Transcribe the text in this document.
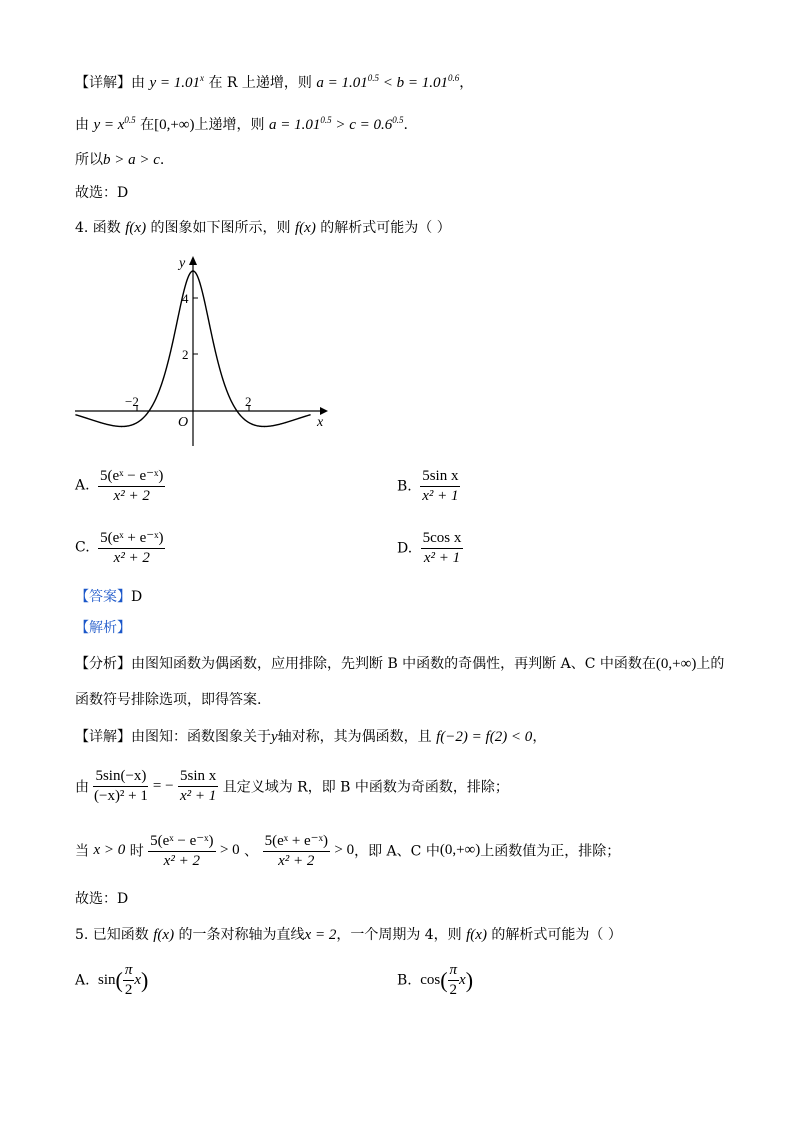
【详解】由 $y = 1.01^x$ 在 R 上递增，则 $a = 1.01^{0.5} < b = 1.01^{0.6}$，
由 $y = x^{0.5}$ 在[0,+∞)上递增，则 $a = 1.01^{0.5} > c = 0.6^{0.5}$.
所以b > a > c.
故选：D
4. 函数 f(x) 的图象如下图所示，则 f(x) 的解析式可能为（ ）
y
x
O
4
2
−2	2
A. $\frac{\text{5(eˣ − e⁻ˣ)}}{\text{x² + 2}}$	B. $\frac{\text{5sin x}}{\text{x² + 1}}$
C. $\frac{\text{5(eˣ + e⁻ˣ)}}{\text{x² + 2}}$	D. $\frac{\text{5cos x}}{\text{x² + 1}}$
【答案】D
【解析】
【分析】由图知函数为偶函数，应用排除，先判断 B 中函数的奇偶性，再判断 A、C 中函数在(0,+∞)上的
函数符号排除选项，即得答案.
【详解】由图知：函数图象关于y轴对称，其为偶函数，且 f(−2) = f(2) < 0，
由 $\frac{5\sin(-x)}{\text{(−x)² + 1}}$ = − $\frac{\text{5sin x}}{\text{x² + 1}}$ 且定义域为 R，即 B 中函数为奇函数，排除；
当 x > 0 时 $\frac{\text{5(eˣ − e⁻ˣ)}}{\text{x² + 2}} > 0$ 、 $\frac{\text{5(eˣ + e⁻ˣ)}}{\text{x² + 2}} > 0$，即 A、C 中(0,+∞)上函数值为正，排除；
故选：D
5. 已知函数 f(x) 的一条对称轴为直线x = 2，一个周期为 4，则 f(x) 的解析式可能为（ ）
A. $\sin( \frac{\pi}{2} x)$	B. $\cos( \frac{\pi}{2} x)$
